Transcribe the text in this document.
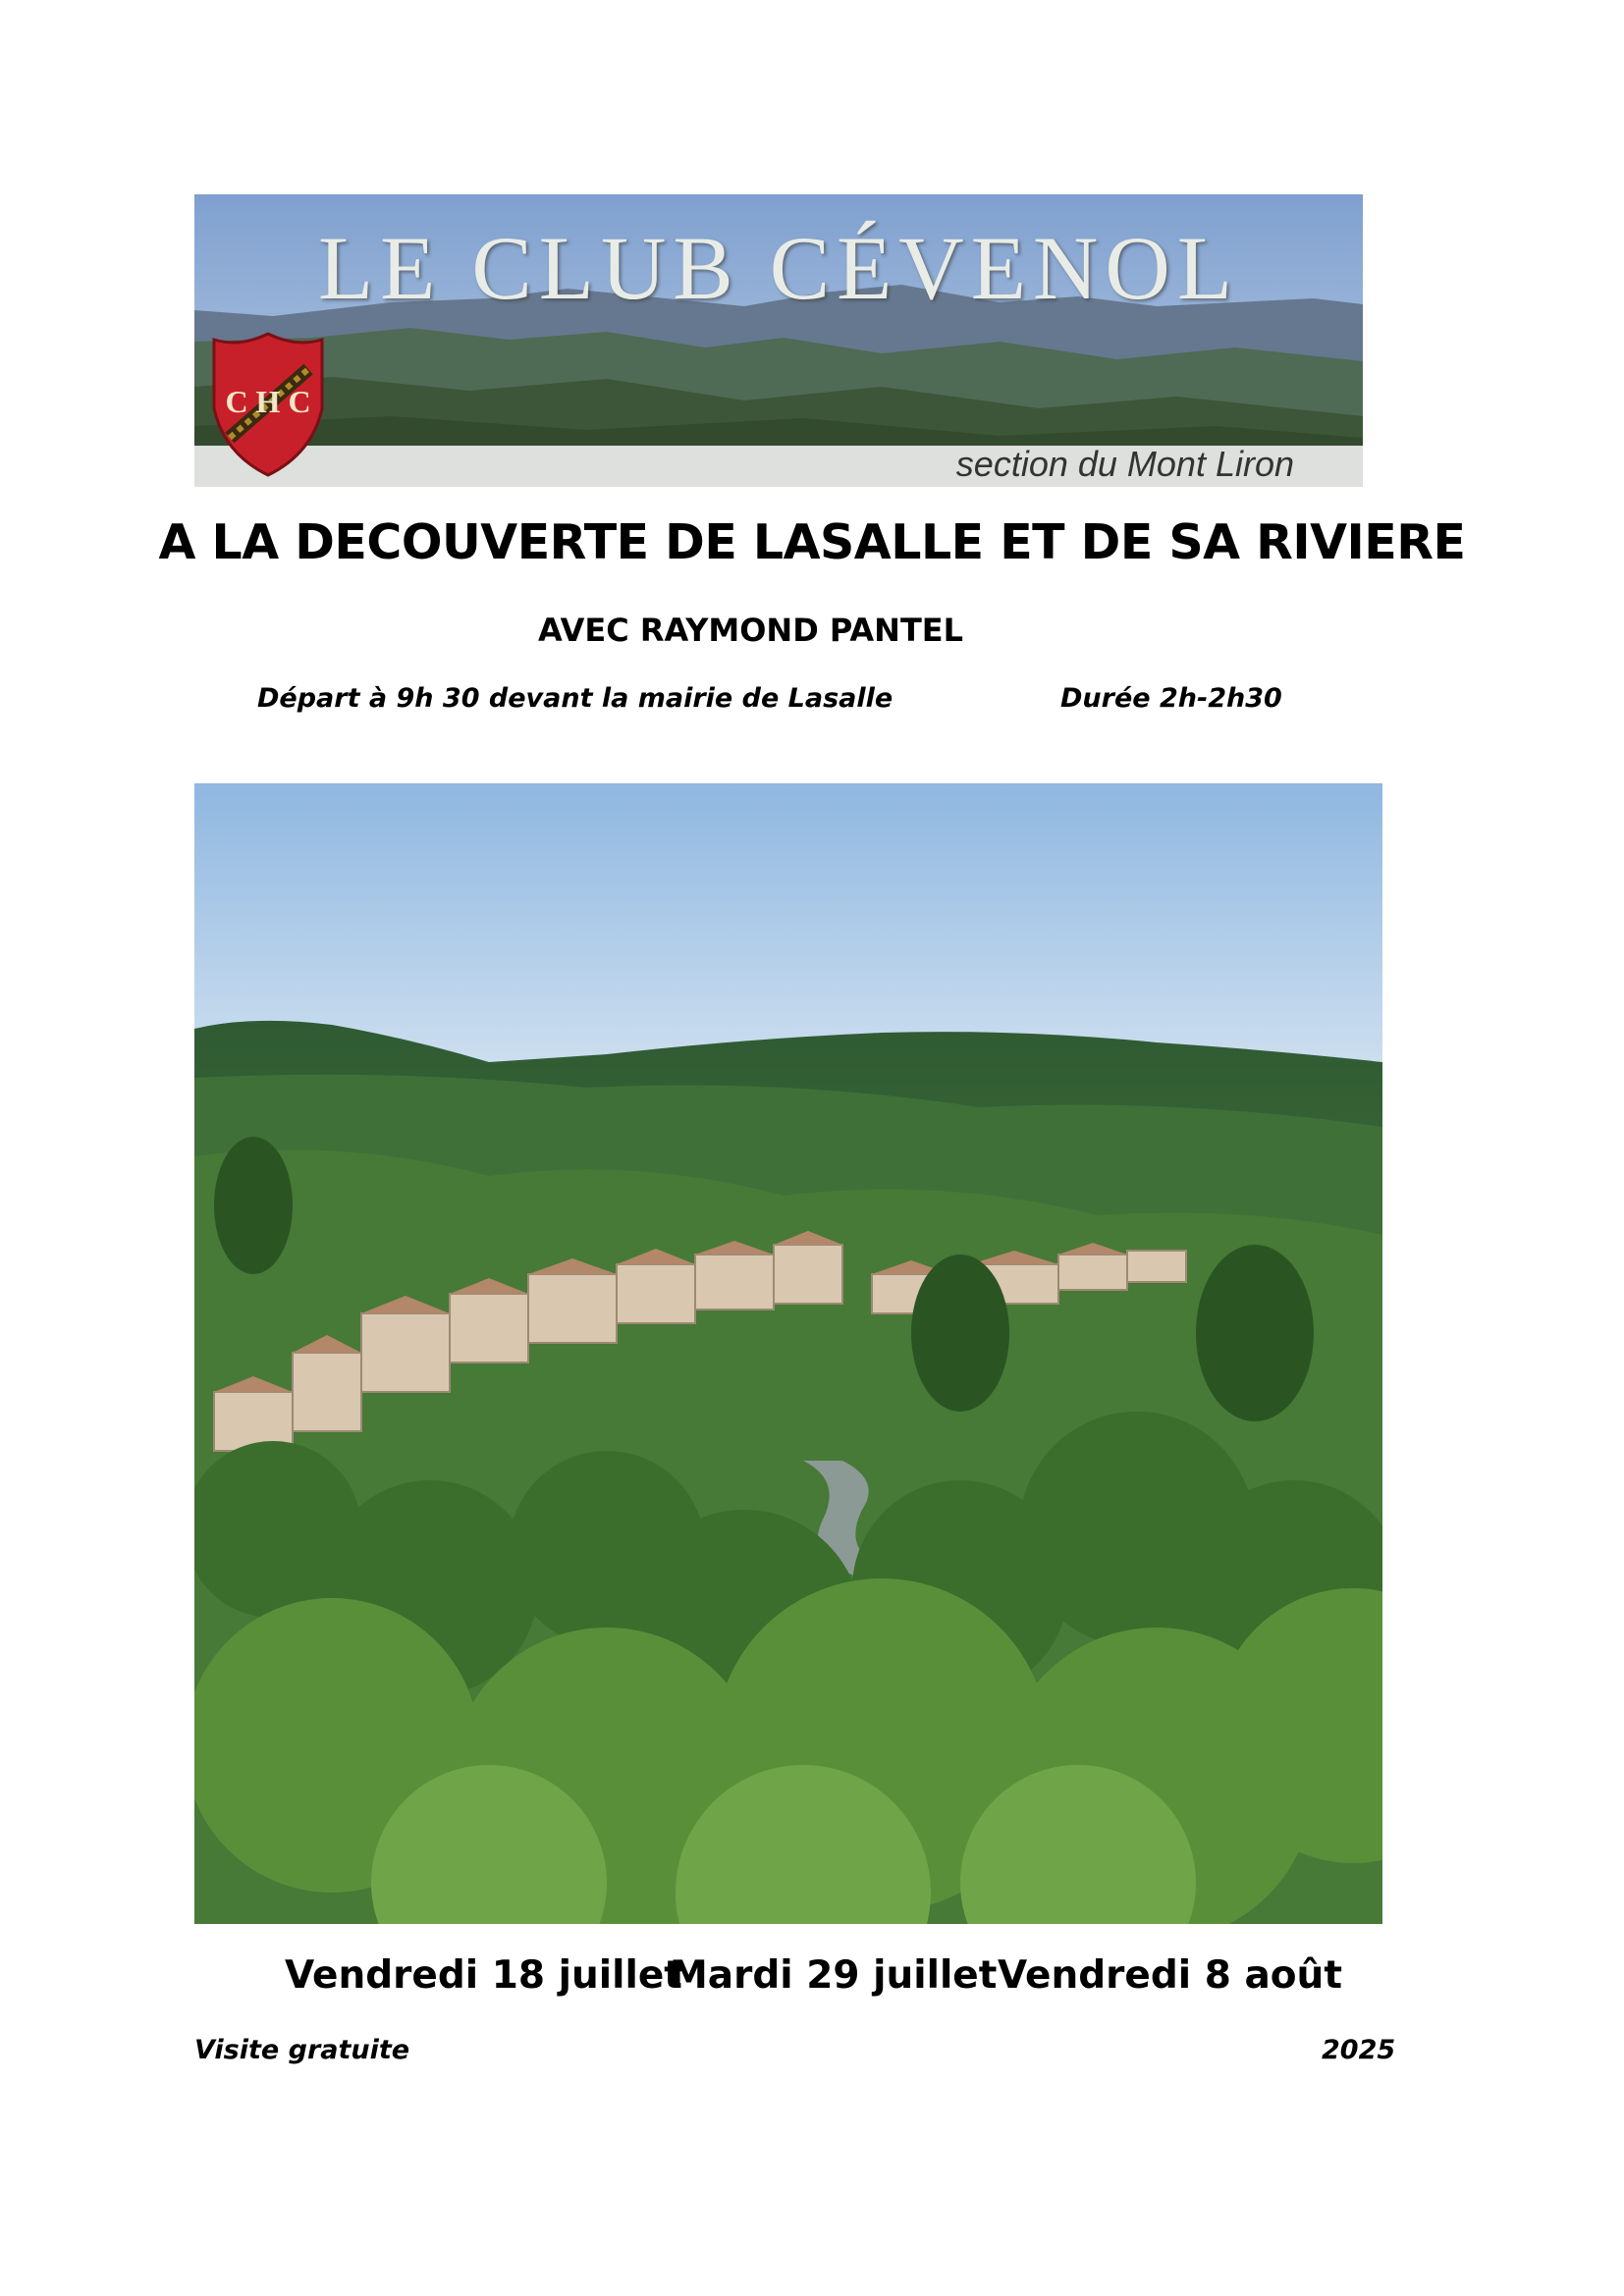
LE CLUB CÉVENOL
section du Mont Liron
C H C
A LA DECOUVERTE DE LASALLE ET DE SA RIVIERE
AVEC RAYMOND PANTEL
Départ à 9h 30 devant la mairie de Lasalle	Durée 2h-2h30
Vendredi 18 juillet
Mardi 29 juillet Vendredi 8 août
Visite gratuite	2025
